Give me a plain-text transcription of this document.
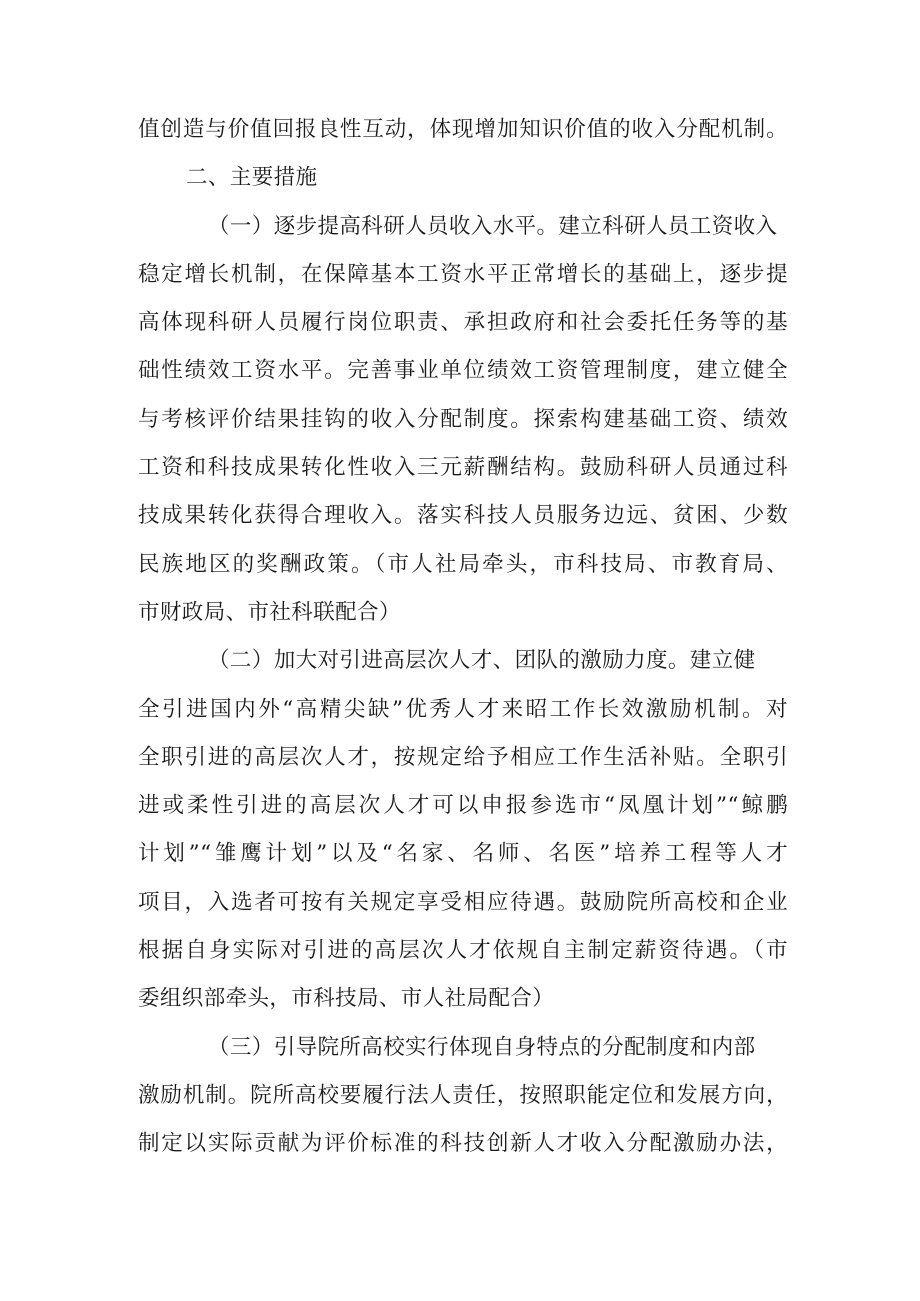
值创造与价值回报良性互动，体现增加知识价值的收入分配机制。
二、主要措施
（一）逐步提高科研人员收入水平。建立科研人员工资收入
稳定增长机制，在保障基本工资水平正常增长的基础上，逐步提
高体现科研人员履行岗位职责、承担政府和社会委托任务等的基
础性绩效工资水平。完善事业单位绩效工资管理制度，建立健全
与考核评价结果挂钩的收入分配制度。探索构建基础工资、绩效
工资和科技成果转化性收入三元薪酬结构。鼓励科研人员通过科
技成果转化获得合理收入。落实科技人员服务边远、贫困、少数
民族地区的奖酬政策。（市人社局牵头，市科技局、市教育局、
市财政局、市社科联配合）
（二）加大对引进高层次人才、团队的激励力度。建立健
全引进国内外“高精尖缺”优秀人才来昭工作长效激励机制。对
全职引进的高层次人才，按规定给予相应工作生活补贴。全职引
进或柔性引进的高层次人才可以申报参选市“凤凰计划”“鲸鹏
计划”“雏鹰计划”以及“名家、名师、名医”培养工程等人才
项目，入选者可按有关规定享受相应待遇。鼓励院所高校和企业
根据自身实际对引进的高层次人才依规自主制定薪资待遇。（市
委组织部牵头，市科技局、市人社局配合）
（三）引导院所高校实行体现自身特点的分配制度和内部
激励机制。院所高校要履行法人责任，按照职能定位和发展方向，
制定以实际贡献为评价标准的科技创新人才收入分配激励办法，
